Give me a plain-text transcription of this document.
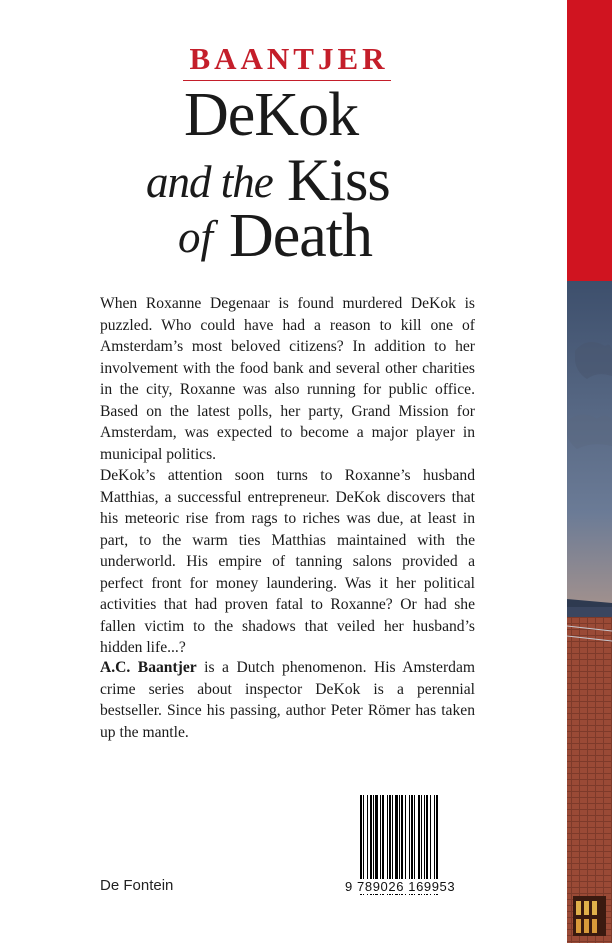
BAANTJER
DeKok
and the Kiss
of Death

When Roxanne Degenaar is found murdered DeKok is puzzled. Who could have had a reason to kill one of Amsterdam’s most beloved citizens? In addition to her involvement with the food bank and several other charities in the city, Roxanne was also running for public office. Based on the latest polls, her party, Grand Mission for Amsterdam, was expected to become a major player in municipal politics.

DeKok’s attention soon turns to Roxanne’s husband Matthias, a successful entrepreneur. DeKok discovers that his meteoric rise from rags to riches was due, at least in part, to the warm ties Matthias maintained with the underworld. His empire of tanning salons provided a perfect front for money laundering. Was it her political activities that had proven fatal to Roxanne? Or had she fallen victim to the shadows that veiled her husband’s hidden life...?

A.C. Baantjer is a Dutch phenomenon. His Amsterdam crime series about inspector DeKok is a perennial bestseller. Since his passing, author Peter Römer has taken up the mantle.

De Fontein	9 789026 169953
